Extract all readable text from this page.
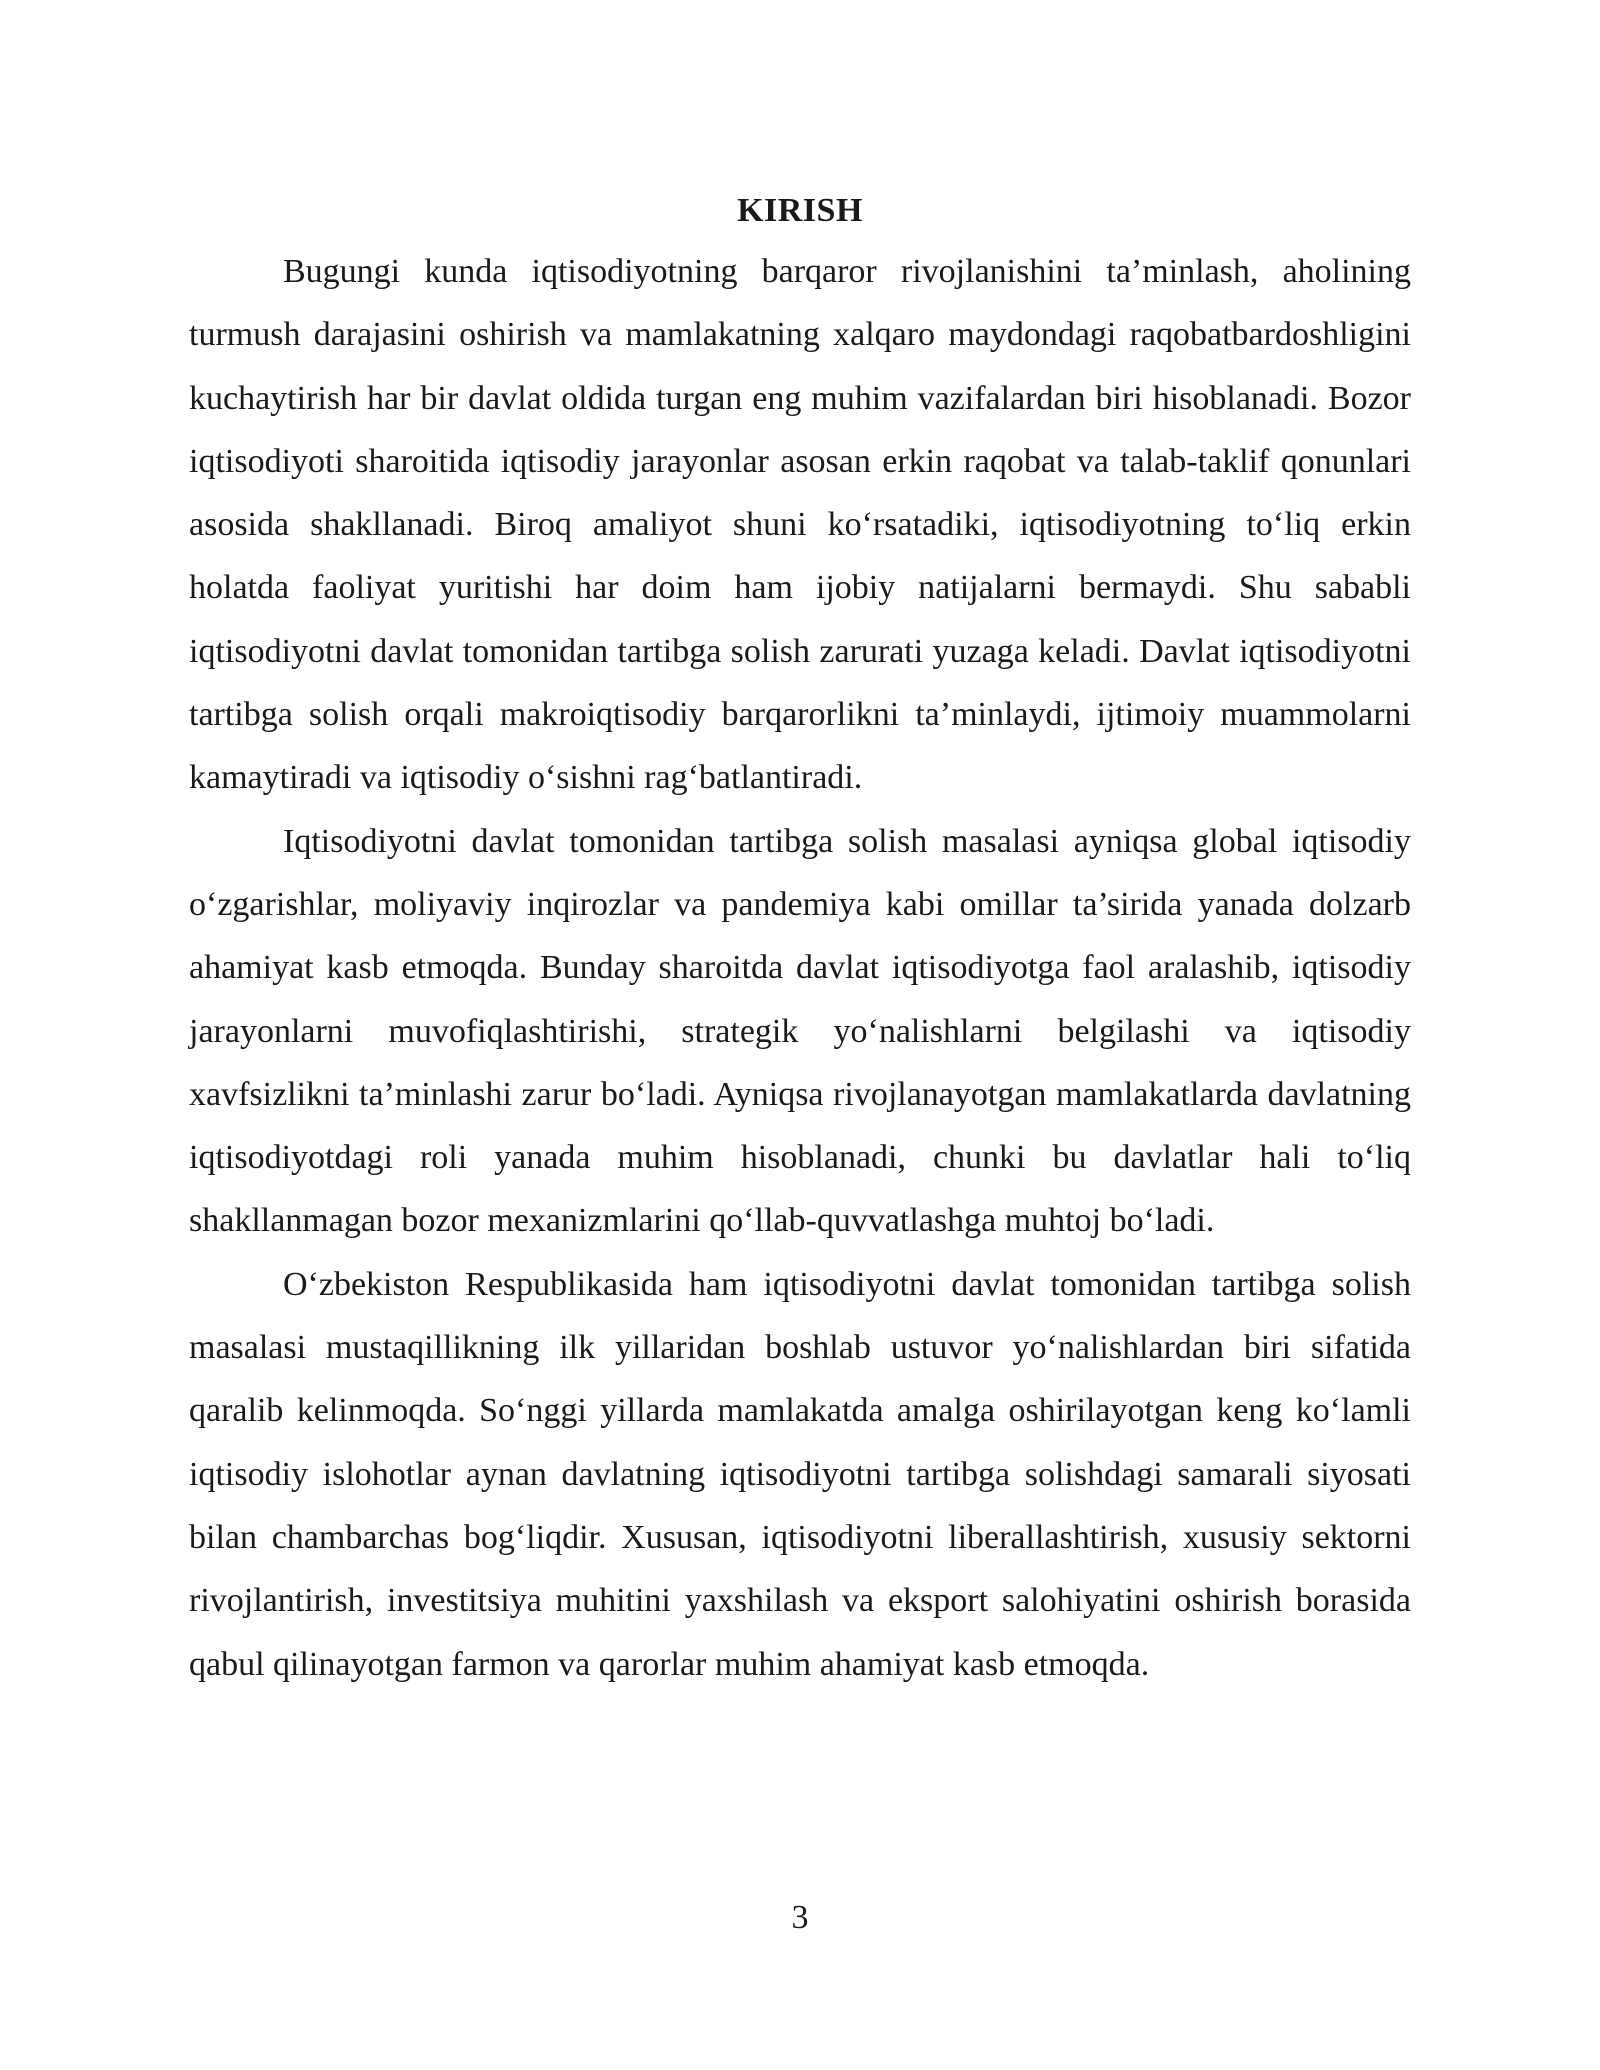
KIRISH

Bugungi kunda iqtisodiyotning barqaror rivojlanishini ta’minlash, aholining turmush darajasini oshirish va mamlakatning xalqaro maydondagi raqobatbardoshligini kuchaytirish har bir davlat oldida turgan eng muhim vazifalardan biri hisoblanadi. Bozor iqtisodiyoti sharoitida iqtisodiy jarayonlar asosan erkin raqobat va talab-taklif qonunlari asosida shakllanadi. Biroq amaliyot shuni koʻrsatadiki, iqtisodiyotning toʻliq erkin holatda faoliyat yuritishi har doim ham ijobiy natijalarni bermaydi. Shu sababli iqtisodiyotni davlat tomonidan tartibga solish zarurati yuzaga keladi. Davlat iqtisodiyotni tartibga solish orqali makroiqtisodiy barqarorlikni ta’minlaydi, ijtimoiy muammolarni kamaytiradi va iqtisodiy oʻsishni ragʻbatlantiradi.

Iqtisodiyotni davlat tomonidan tartibga solish masalasi ayniqsa global iqtisodiy oʻzgarishlar, moliyaviy inqirozlar va pandemiya kabi omillar ta’sirida yanada dolzarb ahamiyat kasb etmoqda. Bunday sharoitda davlat iqtisodiyotga faol aralashib, iqtisodiy jarayonlarni muvofiqlashtirishi, strategik yoʻnalishlarni belgilashi va iqtisodiy xavfsizlikni ta’minlashi zarur boʻladi. Ayniqsa rivojlanayotgan mamlakatlarda davlatning iqtisodiyotdagi roli yanada muhim hisoblanadi, chunki bu davlatlar hali toʻliq shakllanmagan bozor mexanizmlarini qoʻllab-quvvatlashga muhtoj boʻladi.

Oʻzbekiston Respublikasida ham iqtisodiyotni davlat tomonidan tartibga solish masalasi mustaqillikning ilk yillaridan boshlab ustuvor yoʻnalishlardan biri sifatida qaralib kelinmoqda. Soʻnggi yillarda mamlakatda amalga oshirilayotgan keng koʻlamli iqtisodiy islohotlar aynan davlatning iqtisodiyotni tartibga solishdagi samarali siyosati bilan chambarchas bogʻliqdir. Xususan, iqtisodiyotni liberallashtirish, xususiy sektorni rivojlantirish, investitsiya muhitini yaxshilash va eksport salohiyatini oshirish borasida qabul qilinayotgan farmon va qarorlar muhim ahamiyat kasb etmoqda.

3
